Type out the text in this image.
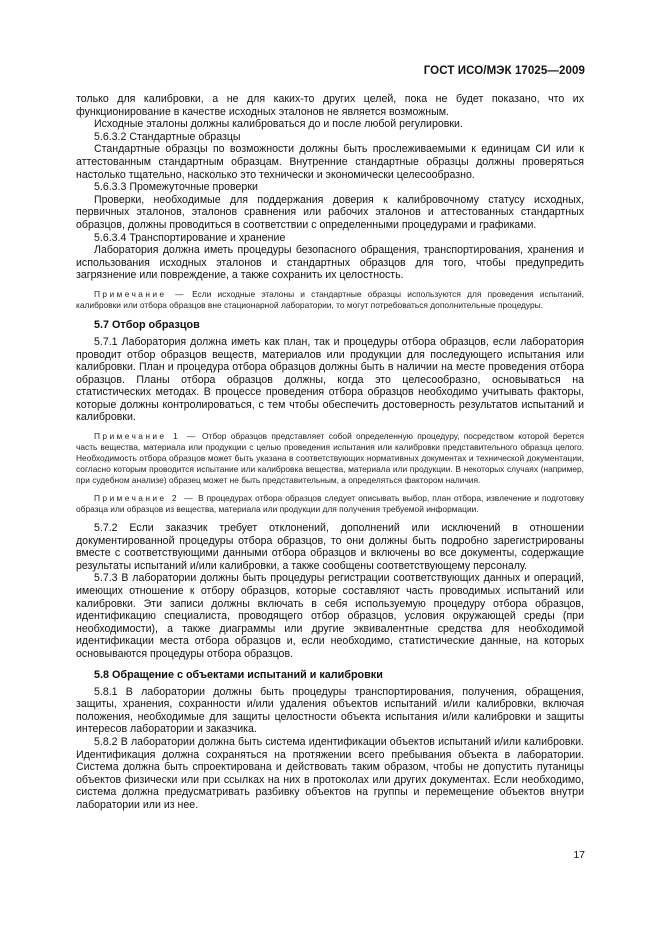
ГОСТ ИСО/МЭК 17025—2009

только для калибровки, а не для каких-то других целей, пока не будет показано, что их функционирование в качестве исходных эталонов не является возможным.

Исходные эталоны должны калиброваться до и после любой регулировки.

5.6.3.2 Стандартные образцы

Стандартные образцы по возможности должны быть прослеживаемыми к единицам СИ или к аттестованным стандартным образцам. Внутренние стандартные образцы должны проверяться настолько тщательно, насколько это технически и экономически целесообразно.

5.6.3.3 Промежуточные проверки

Проверки, необходимые для поддержания доверия к калибровочному статусу исходных, первичных эталонов, эталонов сравнения или рабочих эталонов и аттестованных стандартных образцов, должны проводиться в соответствии с определенными процедурами и графиками.

5.6.3.4 Транспортирование и хранение

Лаборатория должна иметь процедуры безопасного обращения, транспортирования, хранения и использования исходных эталонов и стандартных образцов для того, чтобы предупредить загрязнение или повреждение, а также сохранить их целостность.

Примечание — Если исходные эталоны и стандартные образцы используются для проведения испытаний, калибровки или отбора образцов вне стационарной лаборатории, то могут потребоваться дополнительные процедуры.

5.7 Отбор образцов

5.7.1 Лаборатория должна иметь как план, так и процедуры отбора образцов, если лаборатория проводит отбор образцов веществ, материалов или продукции для последующего испытания или калибровки. План и процедура отбора образцов должны быть в наличии на месте проведения отбора образцов. Планы отбора образцов должны, когда это целесообразно, основываться на статистических методах. В процессе проведения отбора образцов необходимо учитывать факторы, которые должны контролироваться, с тем чтобы обеспечить достоверность результатов испытаний и калибровки.

Примечание 1 — Отбор образцов представляет собой определенную процедуру, посредством которой берется часть вещества, материала или продукции с целью проведения испытания или калибровки представительного образца целого. Необходимость отбора образцов может быть указана в соответствующих нормативных документах и технической документации, согласно которым проводится испытание или калибровка вещества, материала или продукции. В некоторых случаях (например, при судебном анализе) образец может не быть представительным, а определяться фактором наличия.

Примечание 2 — В процедурах отбора образцов следует описывать выбор, план отбора, извлечение и подготовку образца или образцов из вещества, материала или продукции для получения требуемой информации.

5.7.2 Если заказчик требует отклонений, дополнений или исключений в отношении документированной процедуры отбора образцов, то они должны быть подробно зарегистрированы вместе с соответствующими данными отбора образцов и включены во все документы, содержащие результаты испытаний и/или калибровки, а также сообщены соответствующему персоналу.

5.7.3 В лаборатории должны быть процедуры регистрации соответствующих данных и операций, имеющих отношение к отбору образцов, которые составляют часть проводимых испытаний или калибровки. Эти записи должны включать в себя используемую процедуру отбора образцов, идентификацию специалиста, проводящего отбор образцов, условия окружающей среды (при необходимости), а также диаграммы или другие эквивалентные средства для необходимой идентификации места отбора образцов и, если необходимо, статистические данные, на которых основываются процедуры отбора образцов.

5.8 Обращение с объектами испытаний и калибровки

5.8.1 В лаборатории должны быть процедуры транспортирования, получения, обращения, защиты, хранения, сохранности и/или удаления объектов испытаний и/или калибровки, включая положения, необходимые для защиты целостности объекта испытания и/или калибровки и защиты интересов лаборатории и заказчика.

5.8.2 В лаборатории должна быть система идентификации объектов испытаний и/или калибровки. Идентификация должна сохраняться на протяжении всего пребывания объекта в лаборатории. Система должна быть спроектирована и действовать таким образом, чтобы не допустить путаницы объектов физически или при ссылках на них в протоколах или других документах. Если необходимо, система должна предусматривать разбивку объектов на группы и перемещение объектов внутри лаборатории или из нее.

17
